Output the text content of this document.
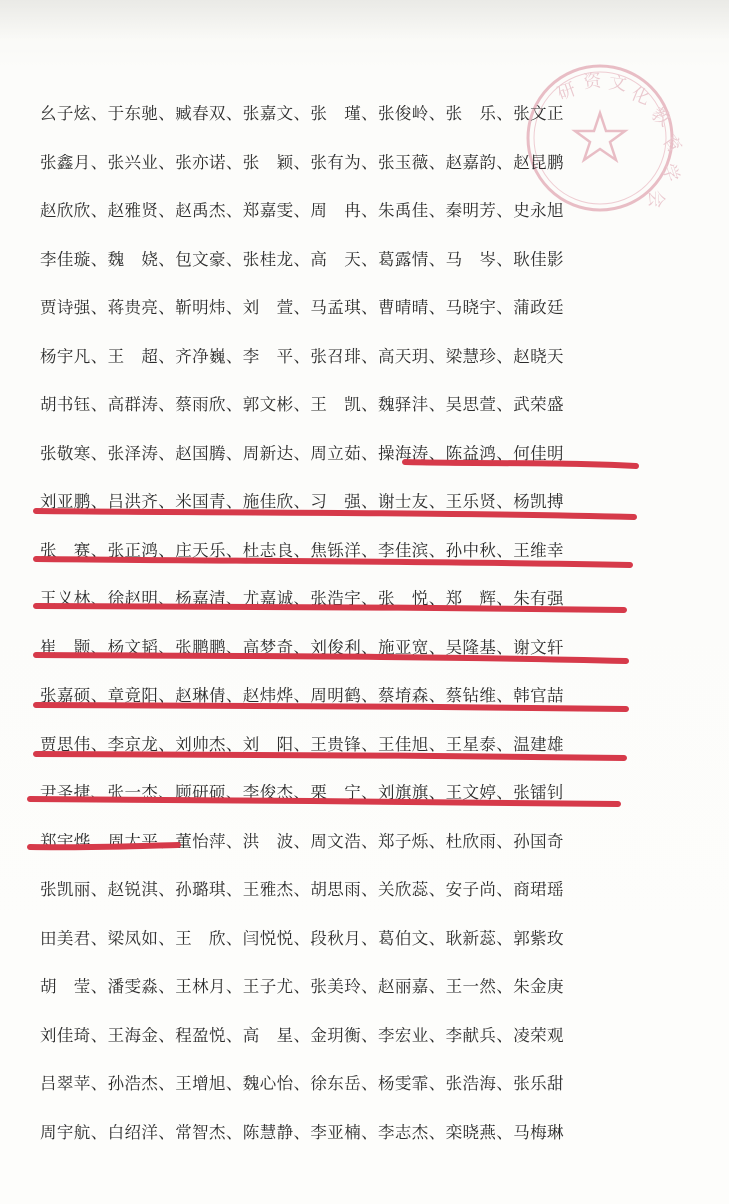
研 资 文 化
教
育
学
会
幺子炫、于东驰、臧春双、张嘉文、张　瑾、张俊岭、张　乐、张文正
张鑫月、张兴业、张亦诺、张　颖、张有为、张玉薇、赵嘉韵、赵昆鹏
赵欣欣、赵雅贤、赵禹杰、郑嘉雯、周　冉、朱禹佳、秦明芳、史永旭
李佳璇、魏　娆、包文豪、张桂龙、高　天、葛露情、马　岑、耿佳影
贾诗强、蒋贵亮、靳明炜、刘　萱、马孟琪、曹晴晴、马晓宇、蒲政廷
杨宇凡、王　超、齐净巍、李　平、张召琲、高天玥、梁慧珍、赵晓天
胡书钰、高群涛、蔡雨欣、郭文彬、王　凯、魏驿沣、吴思萱、武荣盛
张敬寒、张泽涛、赵国腾、周新达、周立茹、操海涛、陈益鸿、何佳明
刘亚鹏、吕洪齐、米国青、施佳欣、习　强、谢士友、王乐贤、杨凯搏
张　赛、张正鸿、庄天乐、杜志良、焦铄洋、李佳滨、孙中秋、王维幸
王义林、徐赵明、杨嘉清、尤嘉诚、张浩宇、张　悦、郑　辉、朱有强
崔　颢、杨文韬、张鹏鹏、高梦奇、刘俊利、施亚宽、吴隆基、谢文轩
张嘉硕、章竟阳、赵琳倩、赵炜烨、周明鹤、蔡堉森、蔡钻维、韩官喆
贾思伟、李京龙、刘帅杰、刘　阳、王贵锋、王佳旭、王星泰、温建雄
尹圣捷、张一杰、顾研硕、李俊杰、栗　宁、刘旗旗、王文婷、张镭钊
郑宇烨、周太平、董怡萍、洪　波、周文浩、郑子烁、杜欣雨、孙国奇
张凯丽、赵锐淇、孙璐琪、王雅杰、胡思雨、关欣蕊、安子尚、商珺瑶
田美君、梁凤如、王　欣、闫悦悦、段秋月、葛伯文、耿新蕊、郭紫玫
胡　莹、潘雯淼、王林月、王子尤、张美玲、赵丽嘉、王一然、朱金庚
刘佳琦、王海金、程盈悦、高　星、金玥衡、李宏业、李献兵、凌荣观
吕翠苹、孙浩杰、王增旭、魏心怡、徐东岳、杨雯霏、张浩海、张乐甜
周宇航、白绍洋、常智杰、陈慧静、李亚楠、李志杰、栾晓燕、马梅琳
